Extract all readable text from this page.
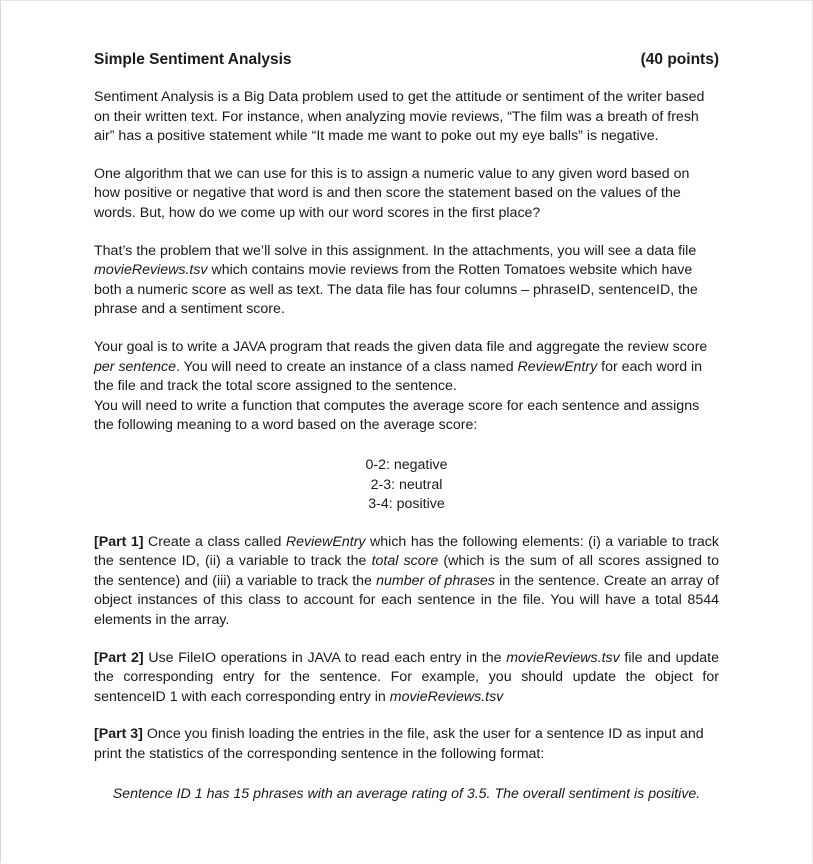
Simple Sentiment Analysis	(40 points)

Sentiment Analysis is a Big Data problem used to get the attitude or sentiment of the writer based on their written text. For instance, when analyzing movie reviews, “The film was a breath of fresh air” has a positive statement while “It made me want to poke out my eye balls” is negative.

One algorithm that we can use for this is to assign a numeric value to any given word based on how positive or negative that word is and then score the statement based on the values of the words. But, how do we come up with our word scores in the first place?

That’s the problem that we’ll solve in this assignment. In the attachments, you will see a data file movieReviews.tsv which contains movie reviews from the Rotten Tomatoes website which have both a numeric score as well as text. The data file has four columns – phraseID, sentenceID, the phrase and a sentiment score.

Your goal is to write a JAVA program that reads the given data file and aggregate the review score per sentence. You will need to create an instance of a class named ReviewEntry for each word in the file and track the total score assigned to the sentence.

You will need to write a function that computes the average score for each sentence and assigns the following meaning to a word based on the average score:

0-2: negative
2-3: neutral
3-4: positive

[Part 1] Create a class called ReviewEntry which has the following elements: (i) a variable to track the sentence ID, (ii) a variable to track the total score (which is the sum of all scores assigned to the sentence) and (iii) a variable to track the number of phrases in the sentence. Create an array of object instances of this class to account for each sentence in the file. You will have a total 8544 elements in the array.

[Part 2] Use FileIO operations in JAVA to read each entry in the movieReviews.tsv file and update the corresponding entry for the sentence. For example, you should update the object for sentenceID 1 with each corresponding entry in movieReviews.tsv

[Part 3] Once you finish loading the entries in the file, ask the user for a sentence ID as input and print the statistics of the corresponding sentence in the following format:

Sentence ID 1 has 15 phrases with an average rating of 3.5. The overall sentiment is positive.
